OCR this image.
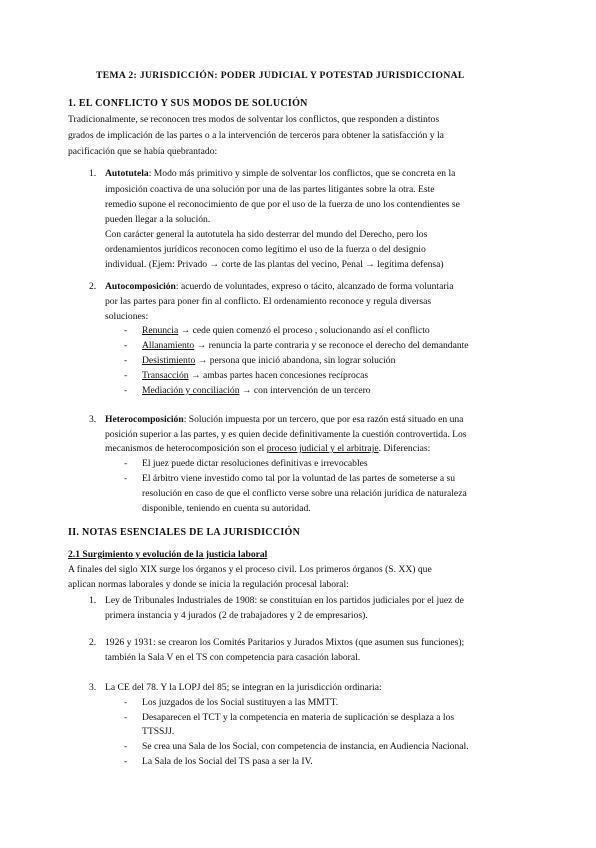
TEMA 2: JURISDICCIÓN: PODER JUDICIAL Y POTESTAD JURISDICCIONAL
1. EL CONFLICTO Y SUS MODOS DE SOLUCIÓN
Tradicionalmente, se reconocen tres modos de solventar los conflictos, que responden a distintos
grados de implicación de las partes o a la intervención de terceros para obtener la satisfacción y la
pacificación que se había quebrantado:
1. Autotutela: Modo más primitivo y simple de solventar los conflictos, que se concreta en la
imposición coactiva de una solución por una de las partes litigantes sobre la otra. Este
remedio supone el reconocimiento de que por el uso de la fuerza de uno los contendientes se
pueden llegar a la solución.
Con carácter general la autotutela ha sido desterrar del mundo del Derecho, pero los
ordenamientos jurídicos reconocen como legítimo el uso de la fuerza o del designio
individual. (Ejem: Privado → corte de las plantas del vecino, Penal → legítima defensa)
2. Autocomposición: acuerdo de voluntades, expreso o tácito, alcanzado de forma voluntaria
por las partes para poner fin al conflicto. El ordenamiento reconoce y regula diversas
soluciones:
- Renuncia → cede quien comenzó el proceso , solucionando así el conflicto
- Allanamiento → renuncia la parte contraria y se reconoce el derecho del demandante
- Desistimiento → persona que inició abandona, sin lograr solución
- Transacción → ambas partes hacen concesiones recíprocas
- Mediación y conciliación → con intervención de un tercero
3. Heterocomposición: Solución impuesta por un tercero, que por esa razón está situado en una
posición superior a las partes, y es quien decide definitivamente la cuestión controvertida. Los
mecanismos de heterocomposición son el proceso judicial y el arbitraje. Diferencias:
- El juez puede dictar resoluciones definitivas e irrevocables
- El árbitro viene investido como tal por la voluntad de las partes de someterse a su
resolución en caso de que el conflicto verse sobre una relación jurídica de naturaleza
disponible, teniendo en cuenta su autoridad.
II. NOTAS ESENCIALES DE LA JURISDICCIÓN
2.1 Surgimiento y evolución de la justicia laboral
A finales del siglo XIX surge los órganos y el proceso civil. Los primeros órganos (S. XX) que
aplican normas laborales y donde se inicia la regulación procesal laboral:
1. Ley de Tribunales Industriales de 1908: se constituían en los partidos judiciales por el juez de
primera instancia y 4 jurados (2 de trabajadores y 2 de empresarios).
2. 1926 y 1931: se crearon los Comités Paritarios y Jurados Mixtos (que asumen sus funciones);
también la Sala V en el TS con competencia para casación laboral.
3. La CE del 78. Y la LOPJ del 85; se integran en la jurisdicción ordinaria:
- Los juzgados de los Social sustituyen a las MMTT.
- Desaparecen el TCT y la competencia en materia de suplicación se desplaza a los
TTSSJJ.
- Se crea una Sala de los Social, con competencia de instancia, en Audiencia Nacional.
- La Sala de los Social del TS pasa a ser la IV.
